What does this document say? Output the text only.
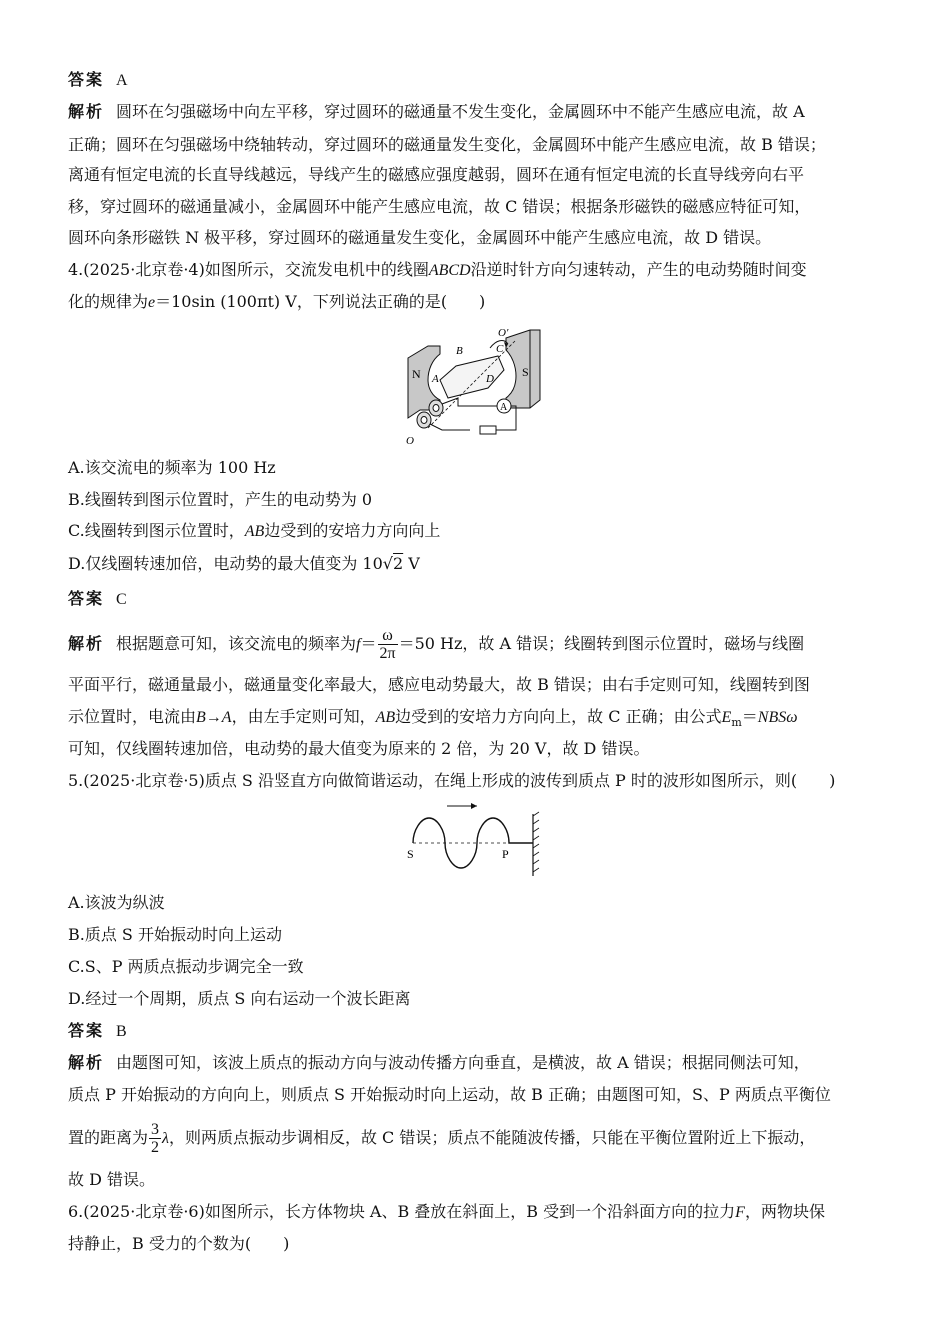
答案 A
解析 圆环在匀强磁场中向左平移，穿过圆环的磁通量不发生变化，金属圆环中不能产生感应电流，故 A
正确；圆环在匀强磁场中绕轴转动，穿过圆环的磁通量发生变化，金属圆环中能产生感应电流，故 B 错误；
离通有恒定电流的长直导线越远，导线产生的磁感应强度越弱，圆环在通有恒定电流的长直导线旁向右平
移，穿过圆环的磁通量减小，金属圆环中能产生感应电流，故 C 错误；根据条形磁铁的磁感应特征可知，
圆环向条形磁铁 N 极平移，穿过圆环的磁通量发生变化，金属圆环中能产生感应电流，故 D 错误。
4.(2025·北京卷·4)如图所示，交流发电机中的线圈ABCD沿逆时针方向匀速转动，产生的电动势随时间变
化的规律为e＝10sin (100πt) V，下列说法正确的是(　　)
N	S
A
B	C
D
O
O′
A
A.该交流电的频率为 100 Hz
B.线圈转到图示位置时，产生的电动势为 0
C.线圈转到图示位置时，AB边受到的安培力方向向上
D.仅线圈转速加倍，电动势的最大值变为 10√2 V
答案 C
解析 根据题意可知，该交流电的频率为$f= \frac{\omega}{2\pi} =50$ Hz，故 A 错误；线圈转到图示位置时，磁场与线圈
平面平行，磁通量最小，磁通量变化率最大，感应电动势最大，故 B 错误；由右手定则可知，线圈转到图
示位置时，电流由B→A，由左手定则可知，AB边受到的安培力方向向上，故 C 正确；由公式$E_m=NBS\omega$
可知，仅线圈转速加倍，电动势的最大值变为原来的 2 倍，为 20 V，故 D 错误。
5.(2025·北京卷·5)质点 S 沿竖直方向做简谐运动，在绳上形成的波传到质点 P 时的波形如图所示，则(　　)
S	P
A.该波为纵波
B.质点 S 开始振动时向上运动
C.S、P 两质点振动步调完全一致
D.经过一个周期，质点 S 向右运动一个波长距离
答案 B
解析 由题图可知，该波上质点的振动方向与波动传播方向垂直，是横波，故 A 错误；根据同侧法可知，
质点 P 开始振动的方向向上，则质点 S 开始振动时向上运动，故 B 正确；由题图可知，S、P 两质点平衡位
置的距离为 $\frac{3}{2}$ λ，则两质点振动步调相反，故 C 错误；质点不能随波传播，只能在平衡位置附近上下振动，
故 D 错误。
6.(2025·北京卷·6)如图所示，长方体物块 A、B 叠放在斜面上，B 受到一个沿斜面方向的拉力F，两物块保
持静止，B 受力的个数为(　　)
